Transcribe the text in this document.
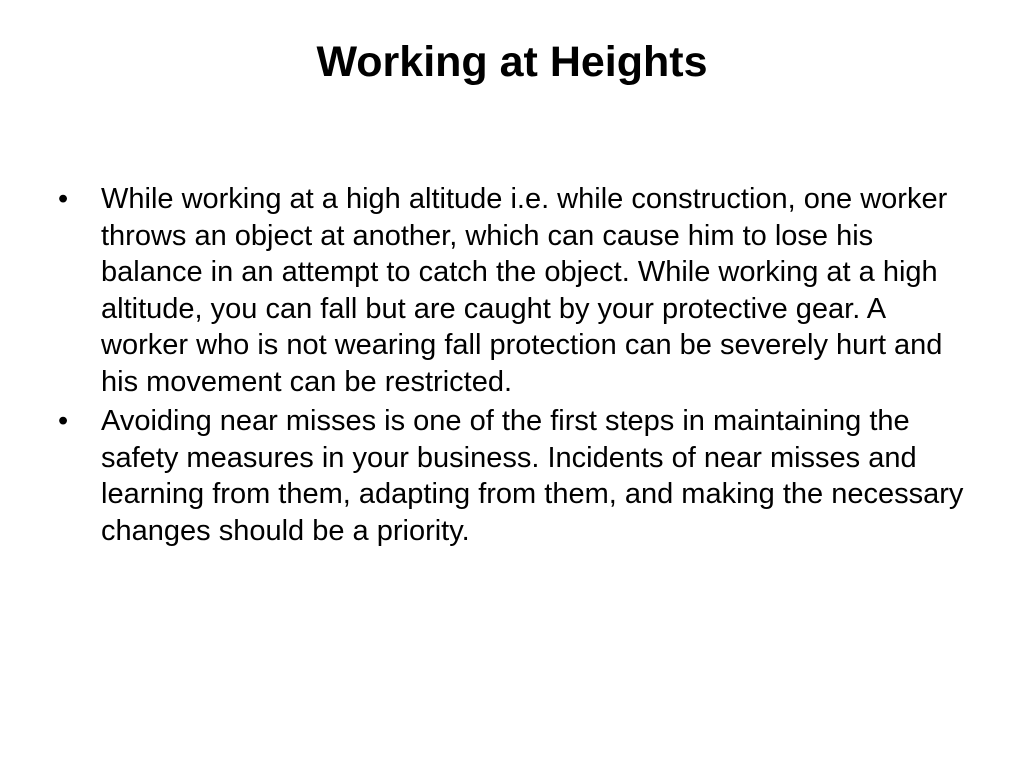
Working at Heights
• While working at a high altitude i.e. while construction, one worker throws an object at another, which can cause him to lose his balance in an attempt to catch the object. While working at a high altitude, you can fall but are caught by your protective gear. A worker who is not wearing fall protection can be severely hurt and his movement can be restricted.
• Avoiding near misses is one of the first steps in maintaining the safety measures in your business. Incidents of near misses and learning from them, adapting from them, and making the necessary changes should be a priority.
